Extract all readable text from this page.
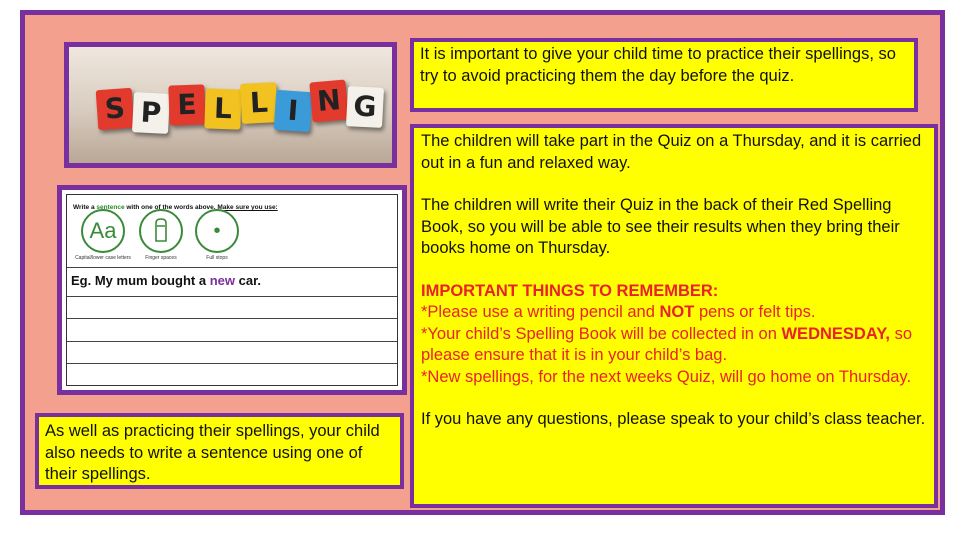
S P E L L I N G
Write a sentence with one of the words above. Make sure you use:
Aa
Capital/lower case letters	Finger spaces
•
Full stops
Eg. My mum bought a new car.
It is important to give your child time to practice their spellings, so try to avoid practicing them the day before the quiz.
The children will take part in the Quiz on a Thursday, and it is carried out in a fun and relaxed way.
The children will write their Quiz in the back of their Red Spelling Book, so you will be able to see their results when they bring their books home on Thursday.
IMPORTANT THINGS TO REMEMBER:
*Please use a writing pencil and NOT pens or felt tips.
*Your child’s Spelling Book will be collected in on WEDNESDAY, so please ensure that it is in your child’s bag.
*New spellings, for the next weeks Quiz, will go home on Thursday.
If you have any questions, please speak to your child’s class teacher.
As well as practicing their spellings, your child also needs to write a sentence using one of their spellings.
